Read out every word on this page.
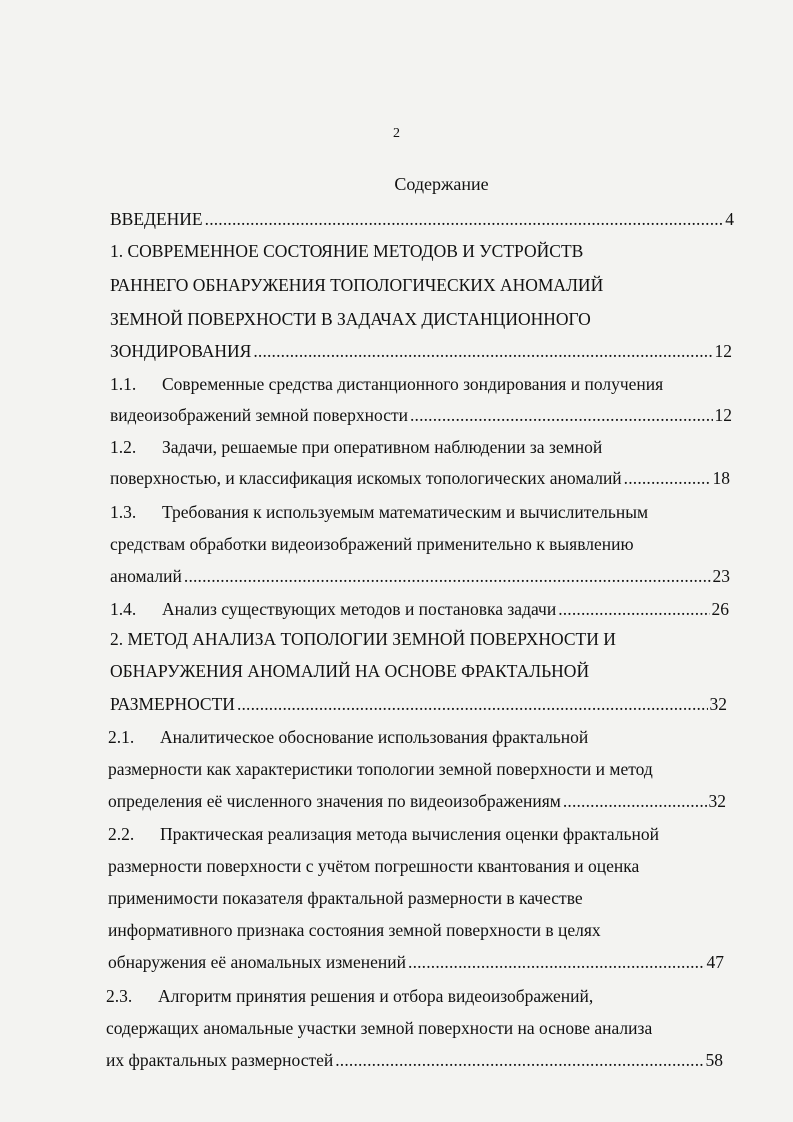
2
Содержание
ВВЕДЕНИЕ . . .	4
1. СОВРЕМЕННОЕ СОСТОЯНИЕ МЕТОДОВ И УСТРОЙСТВ
РАННЕГО ОБНАРУЖЕНИЯ ТОПОЛОГИЧЕСКИХ АНОМАЛИЙ
ЗЕМНОЙ ПОВЕРХНОСТИ В ЗАДАЧАХ ДИСТАНЦИОННОГО
ЗОНДИРОВАНИЯ . . .	12
1.1. Современные средства дистанционного зондирования и получения
видеоизображений земной поверхности . . .	12
1.2. Задачи, решаемые при оперативном наблюдении за земной
поверхностью, и классификация искомых топологических аномалий . . .	18
1.3. Требования к используемым математическим и вычислительным
средствам обработки видеоизображений применительно к выявлению
аномалий . . .	23
1.4.	Анализ существующих методов и постановка задачи . . .	26
2. МЕТОД АНАЛИЗА ТОПОЛОГИИ ЗЕМНОЙ ПОВЕРХНОСТИ И
ОБНАРУЖЕНИЯ АНОМАЛИЙ НА ОСНОВЕ ФРАКТАЛЬНОЙ
РАЗМЕРНОСТИ . . .	32
2.1. Аналитическое обоснование использования фрактальной
размерности как характеристики топологии земной поверхности и метод
определения её численного значения по видеоизображениям . . .	32
2.2. Практическая реализация метода вычисления оценки фрактальной
размерности поверхности с учётом погрешности квантования и оценка
применимости показателя фрактальной размерности в качестве
информативного признака состояния земной поверхности в целях
обнаружения её аномальных изменений . . .	47
2.3. Алгоритм принятия решения и отбора видеоизображений,
содержащих аномальные участки земной поверхности на основе анализа
их фрактальных размерностей . . .	58
